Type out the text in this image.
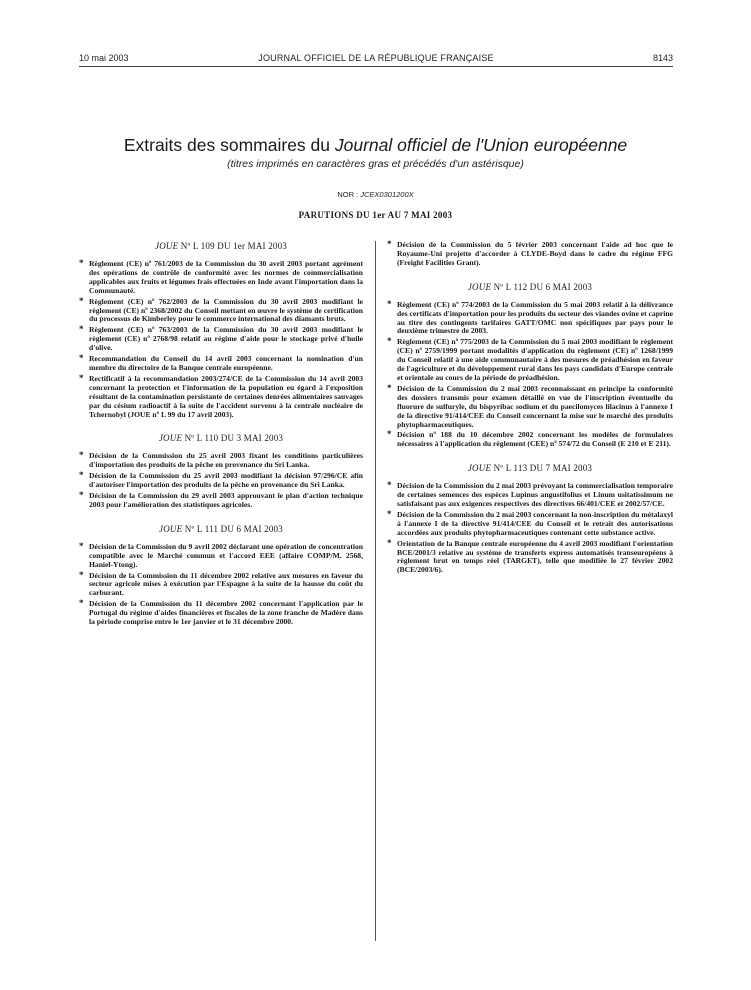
10 mai 2003	JOURNAL OFFICIEL DE LA RÉPUBLIQUE FRANÇAISE	8143
Extraits des sommaires du Journal officiel de l'Union européenne
(titres imprimés en caractères gras et précédés d'un astérisque)
NOR : JCEX0301200X
PARUTIONS DU 1er AU 7 MAI 2003
JOUE Nº L 109 DU 1er MAI 2003
* Règlement (CE) nº 761/2003 de la Commission du 30 avril 2003 portant agrément des opérations de contrôle de conformité avec les normes de commercialisation applicables aux fruits et légumes frais effectuées en Inde avant l'importation dans la Communauté.
* Règlement (CE) nº 762/2003 de la Commission du 30 avril 2003 modifiant le règlement (CE) nº 2368/2002 du Conseil mettant en œuvre le système de certification du processus de Kimberley pour le commerce international des diamants bruts.
* Règlement (CE) nº 763/2003 de la Commission du 30 avril 2003 modifiant le règlement (CE) nº 2768/98 relatif au régime d'aide pour le stockage privé d'huile d'olive.
* Recommandation du Conseil du 14 avril 2003 concernant la nomination d'un membre du directoire de la Banque centrale européenne.
* Rectificatif à la recommandation 2003/274/CE de la Commission du 14 avril 2003 concernant la protection et l'information de la population eu égard à l'exposition résultant de la contamination persistante de certaines denrées alimentaires sauvages par du césium radioactif à la suite de l'accident survenu à la centrale nucléaire de Tchernobyl (JOUE nº L 99 du 17 avril 2003).
JOUE Nº L 110 DU 3 MAI 2003
* Décision de la Commission du 25 avril 2003 fixant les conditions particulières d'importation des produits de la pêche en provenance du Sri Lanka.
* Décision de la Commission du 25 avril 2003 modifiant la décision 97/296/CE afin d'autoriser l'importation des produits de la pêche en provenance du Sri Lanka.
* Décision de la Commission du 29 avril 2003 approuvant le plan d'action technique 2003 pour l'amélioration des statistiques agricoles.
JOUE Nº L 111 DU 6 MAI 2003
* Décision de la Commission du 9 avril 2002 déclarant une opération de concentration compatible avec le Marché commun et l'accord EEE (affaire COMP/M. 2568, Haniel-Ytong).
* Décision de la Commission du 11 décembre 2002 relative aux mesures en faveur du secteur agricole mises à exécution par l'Espagne à la suite de la hausse du coût du carburant.
* Décision de la Commission du 11 décembre 2002 concernant l'application par le Portugal du régime d'aides financières et fiscales de la zone franche de Madère dans la période comprise entre le 1er janvier et le 31 décembre 2000.
* Décision de la Commission du 5 février 2003 concernant l'aide ad hoc que le Royaume-Uni projette d'accorder à CLYDE-Boyd dans le cadre du régime FFG (Freight Facilities Grant).
JOUE Nº L 112 DU 6 MAI 2003
* Règlement (CE) nº 774/2003 de la Commission du 5 mai 2003 relatif à la délivrance des certificats d'importation pour les produits du secteur des viandes ovine et caprine au titre des contingents tarifaires GATT/OMC non spécifiques par pays pour le deuxième trimestre de 2003.
* Règlement (CE) nº 775/2003 de la Commission du 5 mai 2003 modifiant le règlement (CE) nº 2759/1999 portant modalités d'application du règlement (CE) nº 1268/1999 du Conseil relatif à une aide communautaire à des mesures de préadhésion en faveur de l'agriculture et du développement rural dans les pays candidats d'Europe centrale et orientale au cours de la période de préadhésion.
* Décision de la Commission du 2 mai 2003 reconnaissant en principe la conformité des dossiers transmis pour examen détaillé en vue de l'inscription éventuelle du fluorure de sulfuryle, du bispyribac sodium et du paecilomyces lilacinus à l'annexe I de la directive 91/414/CEE du Conseil concernant la mise sur le marché des produits phytopharmaceutiques.
* Décision nº 188 du 10 décembre 2002 concernant les modèles de formulaires nécessaires à l'application du règlement (CEE) nº 574/72 du Conseil (E 210 et E 211).
JOUE Nº L 113 DU 7 MAI 2003
* Décision de la Commission du 2 mai 2003 prévoyant la commercialisation temporaire de certaines semences des espèces Lupinus angustifolius et Linum usitatissimum ne satisfaisant pas aux exigences respectives des directives 66/401/CEE et 2002/57/CE.
* Décision de la Commission du 2 mai 2003 concernant la non-inscription du métalaxyl à l'annexe I de la directive 91/414/CEE du Conseil et le retrait des autorisations accordées aux produits phytopharmaceutiques contenant cette substance active.
* Orientation de la Banque centrale européenne du 4 avril 2003 modifiant l'orientation BCE/2001/3 relative au système de transferts express automatisés transeuropéens à règlement brut en temps réel (TARGET), telle que modifiée le 27 février 2002 (BCE/2003/6).
